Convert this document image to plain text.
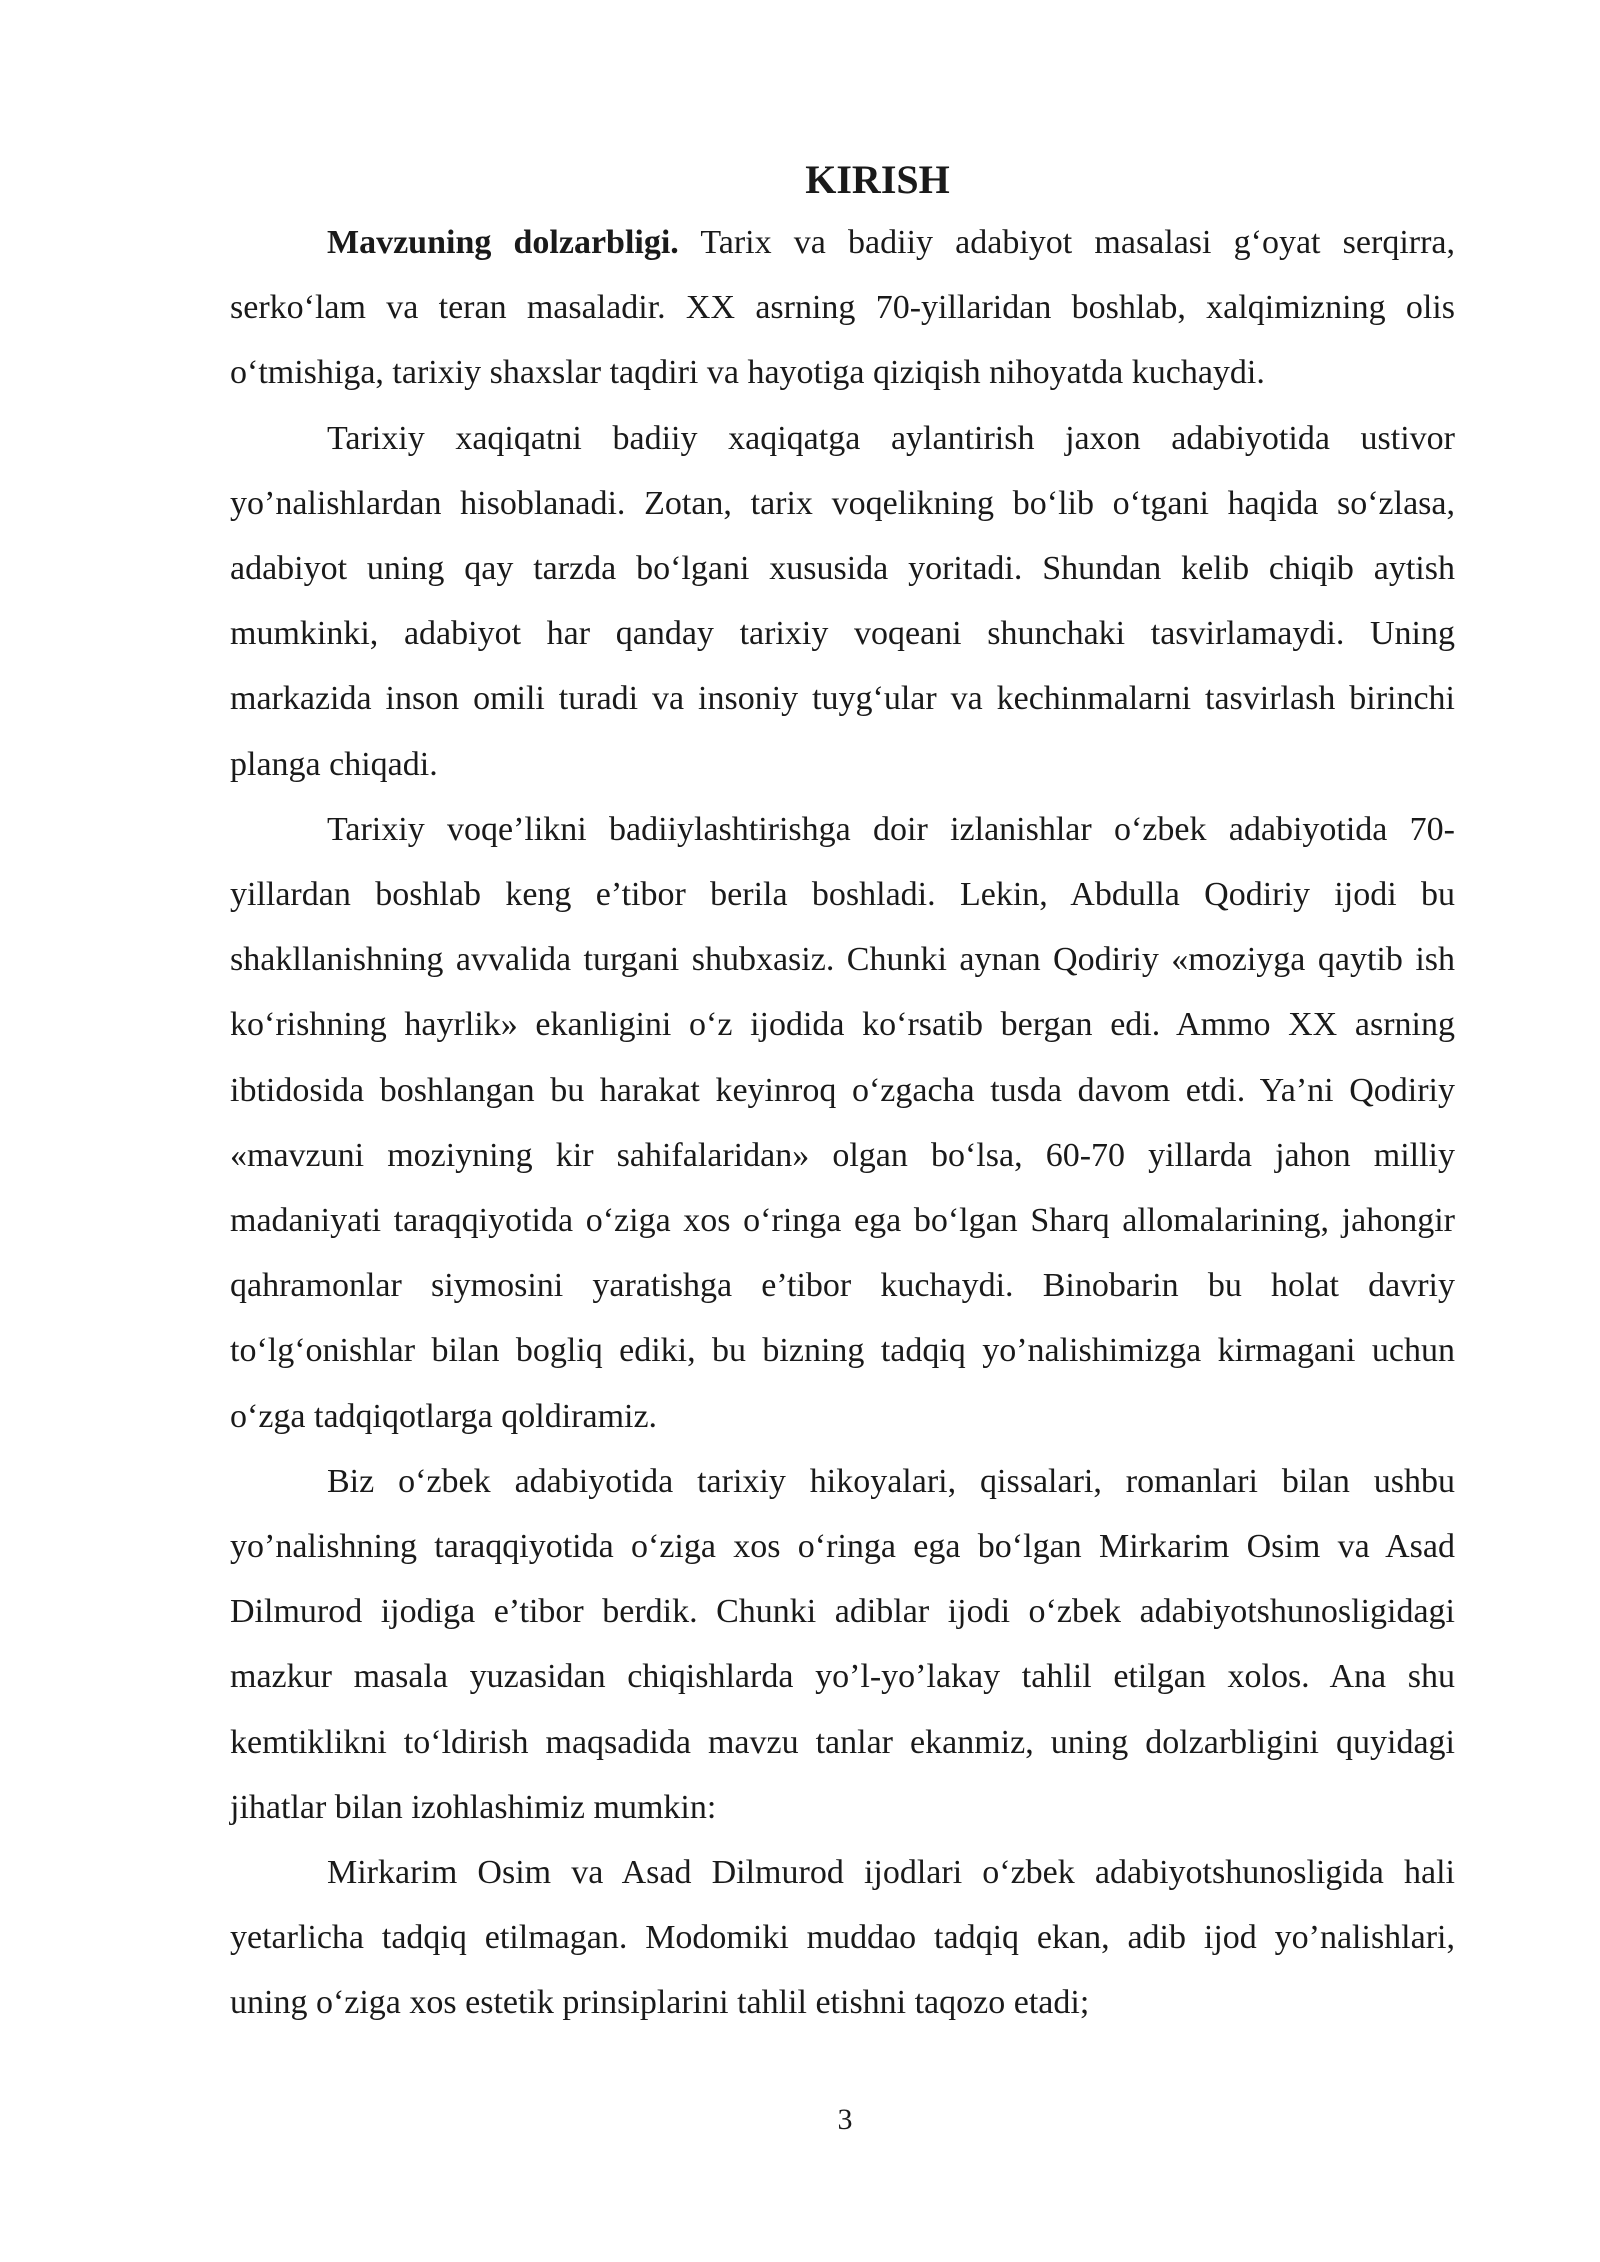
KIRISH

Mavzuning dolzarbligi. Tarix va badiiy adabiyot masalasi g‘oyat serqirra, serko‘lam va teran masaladir. XX asrning 70-yillaridan boshlab, xalqimizning olis o‘tmishiga, tarixiy shaxslar taqdiri va hayotiga qiziqish nihoyatda kuchaydi.

Tarixiy xaqiqatni badiiy xaqiqatga aylantirish jaxon adabiyotida ustivor yo’nalishlardan hisoblanadi. Zotan, tarix voqelikning bo‘lib o‘tgani haqida so‘zlasa, adabiyot uning qay tarzda bo‘lgani xususida yoritadi. Shundan kelib chiqib aytish mumkinki, adabiyot har qanday tarixiy voqeani shunchaki tasvirlamaydi. Uning markazida inson omili turadi va insoniy tuyg‘ular va kechinmalarni tasvirlash birinchi planga chiqadi.

Tarixiy voqe’likni badiiylashtirishga doir izlanishlar o‘zbek adabiyotida 70-yillardan boshlab keng e’tibor berila boshladi. Lekin, Abdulla Qodiriy ijodi bu shakllanishning avvalida turgani shubxasiz. Chunki aynan Qodiriy «moziyga qaytib ish ko‘rishning hayrlik» ekanligini o‘z ijodida ko‘rsatib bergan edi. Ammo XX asrning ibtidosida boshlangan bu harakat keyinroq o‘zgacha tusda davom etdi. Ya’ni Qodiriy «mavzuni moziyning kir sahifalaridan» olgan bo‘lsa, 60-70 yillarda jahon milliy madaniyati taraqqiyotida o‘ziga xos o‘ringa ega bo‘lgan Sharq allomalarining, jahongir qahramonlar siymosini yaratishga e’tibor kuchaydi. Binobarin bu holat davriy to‘lg‘onishlar bilan bogliq ediki, bu bizning tadqiq yo’nalishimizga kirmagani uchun o‘zga tadqiqotlarga qoldiramiz.

Biz o‘zbek adabiyotida tarixiy hikoyalari, qissalari, romanlari bilan ushbu yo’nalishning taraqqiyotida o‘ziga xos o‘ringa ega bo‘lgan Mirkarim Osim va Asad Dilmurod ijodiga e’tibor berdik. Chunki adiblar ijodi o‘zbek adabiyotshunosligidagi mazkur masala yuzasidan chiqishlarda yo’l-yo’lakay tahlil etilgan xolos. Ana shu kemtiklikni to‘ldirish maqsadida mavzu tanlar ekanmiz, uning dolzarbligini quyidagi jihatlar bilan izohlashimiz mumkin:

Mirkarim Osim va Asad Dilmurod ijodlari o‘zbek adabiyotshunosligida hali yetarlicha tadqiq etilmagan. Modomiki muddao tadqiq ekan, adib ijod yo’nalishlari, uning o‘ziga xos estetik prinsiplarini tahlil etishni taqozo etadi;

3
